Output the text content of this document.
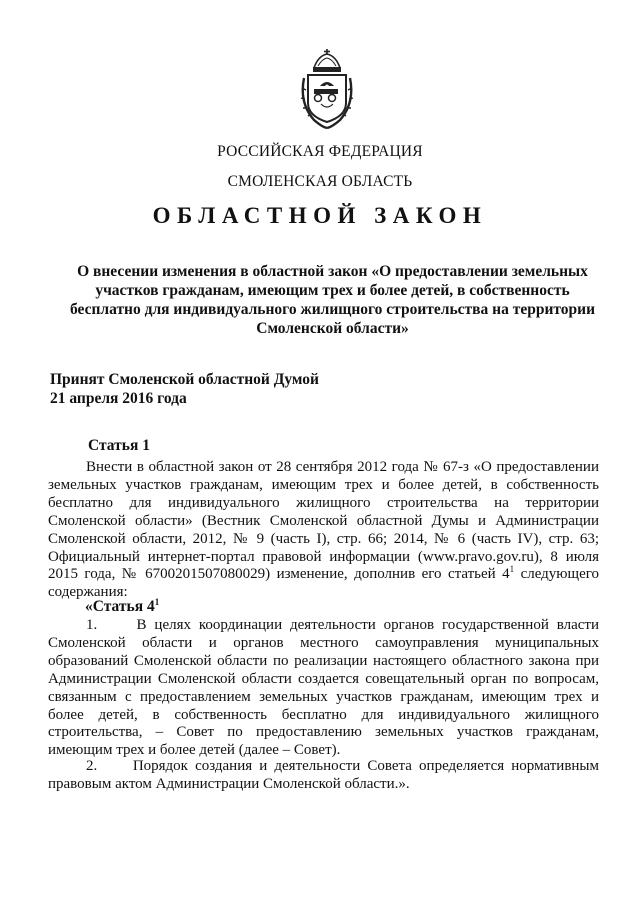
РОССИЙСКАЯ ФЕДЕРАЦИЯ
СМОЛЕНСКАЯ ОБЛАСТЬ
ОБЛАСТНОЙ ЗАКОН
О внесении изменения в областной закон «О предоставлении земельных участков гражданам, имеющим трех и более детей, в собственность бесплатно для индивидуального жилищного строительства на территории Смоленской области»
Принят Смоленской областной Думой
21 апреля 2016 года
Статья 1
Внести в областной закон от 28 сентября 2012 года № 67-з «О предоставлении земельных участков гражданам, имеющим трех и более детей, в собственность бесплатно для индивидуального жилищного строительства на территории Смоленской области» (Вестник Смоленской областной Думы и Администрации Смоленской области, 2012, № 9 (часть I), стр. 66; 2014, № 6 (часть IV), стр. 63; Официальный интернет-портал правовой информации (www.pravo.gov.ru), 8 июля 2015 года, № 6700201507080029) изменение, дополнив его статьей $4^1$ следующего содержания:
«Статья $4^1$
1.     В целях координации деятельности органов государственной власти Смоленской области и органов местного самоуправления муниципальных образований Смоленской области по реализации настоящего областного закона при Администрации Смоленской области создается совещательный орган по вопросам, связанным с предоставлением земельных участков гражданам, имеющим трех и более детей, в собственность бесплатно для индивидуального жилищного строительства, – Совет по предоставлению земельных участков гражданам, имеющим трех и более детей (далее – Совет).
2.     Порядок создания и деятельности Совета определяется нормативным правовым актом Администрации Смоленской области.».
